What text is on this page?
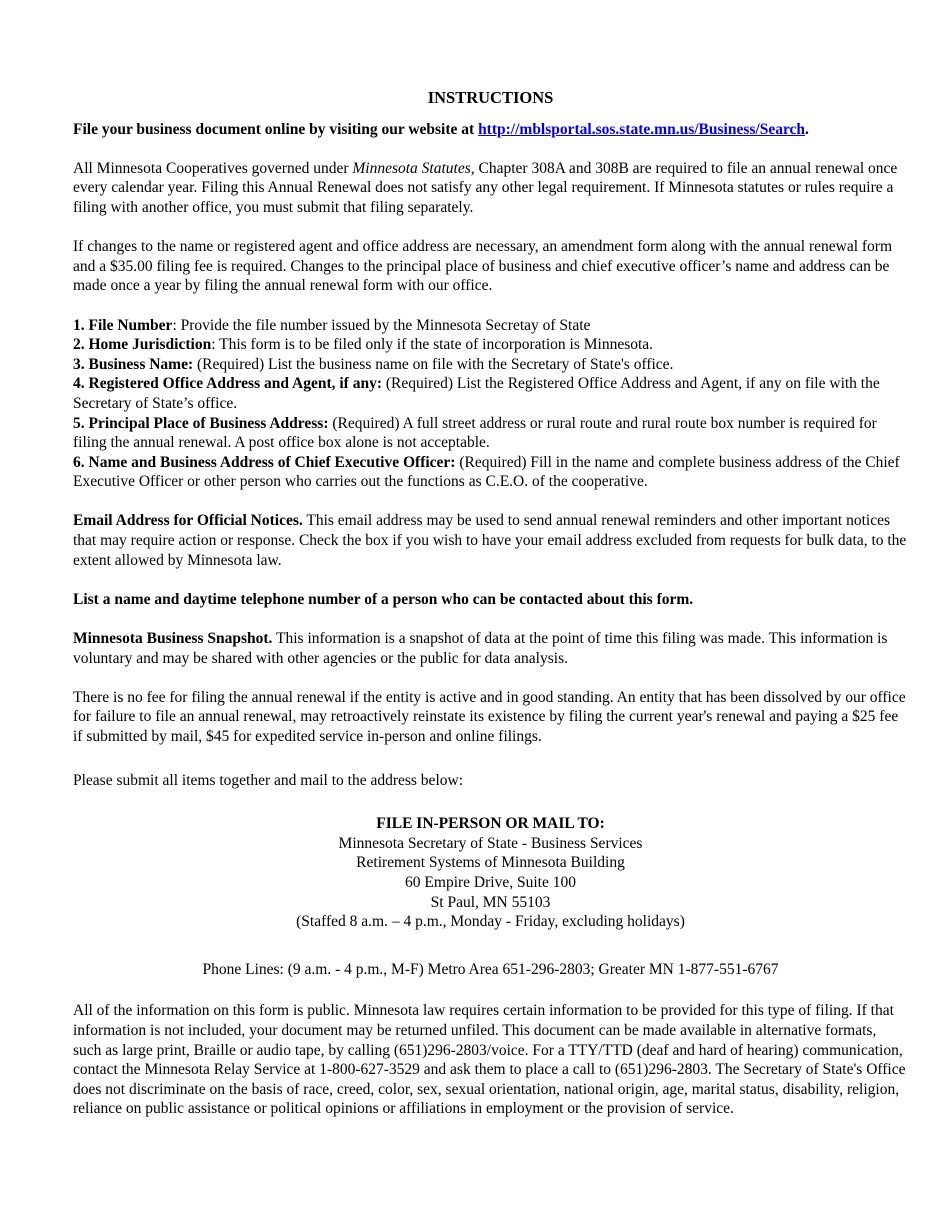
INSTRUCTIONS

File your business document online by visiting our website at http://mblsportal.sos.state.mn.us/Business/Search.

All Minnesota Cooperatives governed under Minnesota Statutes, Chapter 308A and 308B are required to file an annual renewal once every calendar year. Filing this Annual Renewal does not satisfy any other legal requirement. If Minnesota statutes or rules require a filing with another office, you must submit that filing separately.

If changes to the name or registered agent and office address are necessary, an amendment form along with the annual renewal form and a $35.00 filing fee is required. Changes to the principal place of business and chief executive officer’s name and address can be made once a year by filing the annual renewal form with our office.

1. File Number: Provide the file number issued by the Minnesota Secretay of State

2. Home Jurisdiction: This form is to be filed only if the state of incorporation is Minnesota.

3. Business Name: (Required) List the business name on file with the Secretary of State's office.

4. Registered Office Address and Agent, if any: (Required) List the Registered Office Address and Agent, if any on file with the Secretary of State’s office.

5. Principal Place of Business Address: (Required) A full street address or rural route and rural route box number is required for filing the annual renewal. A post office box alone is not acceptable.

6. Name and Business Address of Chief Executive Officer: (Required) Fill in the name and complete business address of the Chief Executive Officer or other person who carries out the functions as C.E.O. of the cooperative.

Email Address for Official Notices. This email address may be used to send annual renewal reminders and other important notices that may require action or response. Check the box if you wish to have your email address excluded from requests for bulk data, to the extent allowed by Minnesota law.

List a name and daytime telephone number of a person who can be contacted about this form.

Minnesota Business Snapshot. This information is a snapshot of data at the point of time this filing was made. This information is voluntary and may be shared with other agencies or the public for data analysis.

There is no fee for filing the annual renewal if the entity is active and in good standing. An entity that has been dissolved by our office for failure to file an annual renewal, may retroactively reinstate its existence by filing the current year's renewal and paying a $25 fee if submitted by mail, $45 for expedited service in-person and online filings.

Please submit all items together and mail to the address below:

FILE IN-PERSON OR MAIL TO:

Minnesota Secretary of State - Business Services

Retirement Systems of Minnesota Building

60 Empire Drive, Suite 100

St Paul, MN 55103

(Staffed 8 a.m. – 4 p.m., Monday - Friday, excluding holidays)

Phone Lines: (9 a.m. - 4 p.m., M-F) Metro Area 651-296-2803; Greater MN 1-877-551-6767

All of the information on this form is public. Minnesota law requires certain information to be provided for this type of filing. If that information is not included, your document may be returned unfiled. This document can be made available in alternative formats, such as large print, Braille or audio tape, by calling (651)296-2803/voice. For a TTY/TTD (deaf and hard of hearing) communication, contact the Minnesota Relay Service at 1-800-627-3529 and ask them to place a call to (651)296-2803. The Secretary of State's Office does not discriminate on the basis of race, creed, color, sex, sexual orientation, national origin, age, marital status, disability, religion, reliance on public assistance or political opinions or affiliations in employment or the provision of service.
